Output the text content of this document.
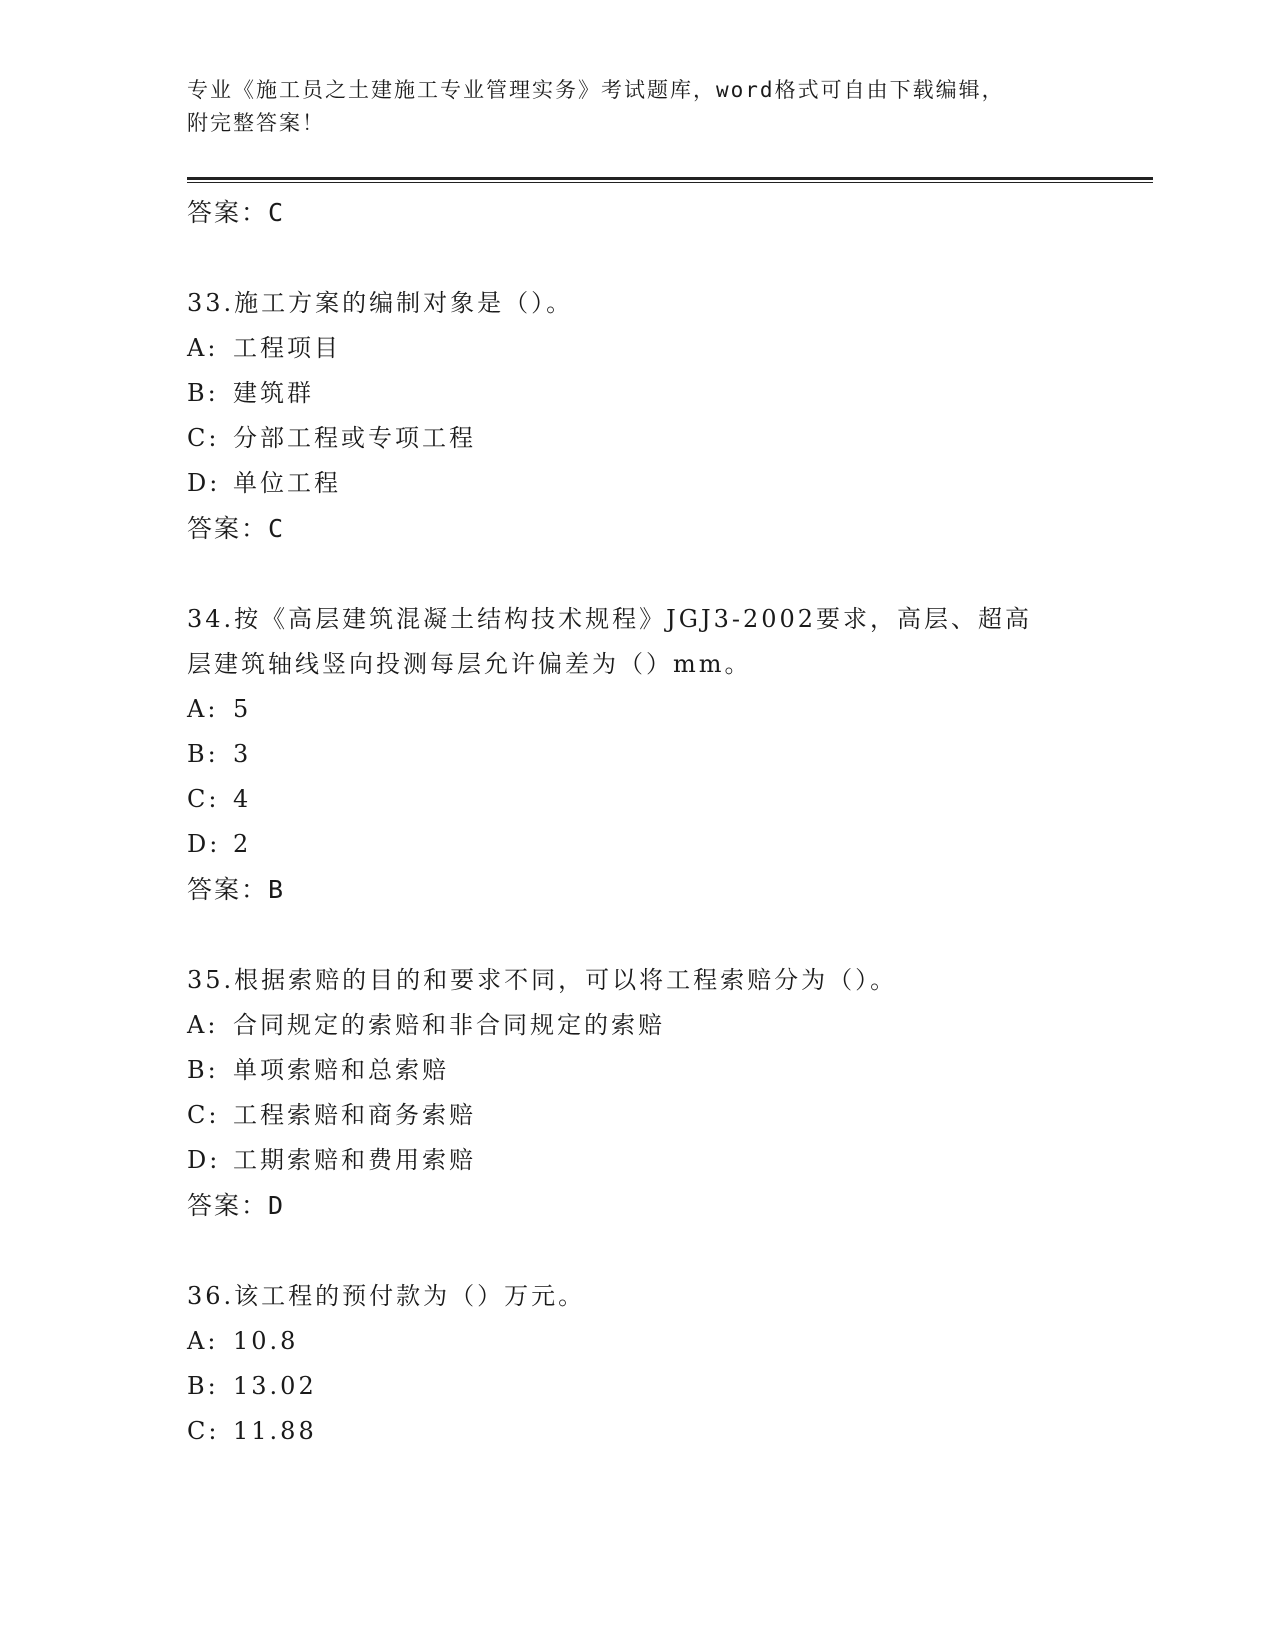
专业《施工员之土建施工专业管理实务》考试题库，word格式可自由下载编辑，
附完整答案！
答案：C
33.施工方案的编制对象是（）。
A: 工程项目
B: 建筑群
C: 分部工程或专项工程
D: 单位工程
答案：C
34.按《高层建筑混凝土结构技术规程》JGJ3-2002要求，高层、超高
层建筑轴线竖向投测每层允许偏差为（）mm。
A: 5
B: 3
C: 4
D: 2
答案：B
35.根据索赔的目的和要求不同，可以将工程索赔分为（）。
A: 合同规定的索赔和非合同规定的索赔
B: 单项索赔和总索赔
C: 工程索赔和商务索赔
D: 工期索赔和费用索赔
答案：D
36.该工程的预付款为（）万元。
A: 10.8
B: 13.02
C: 11.88
